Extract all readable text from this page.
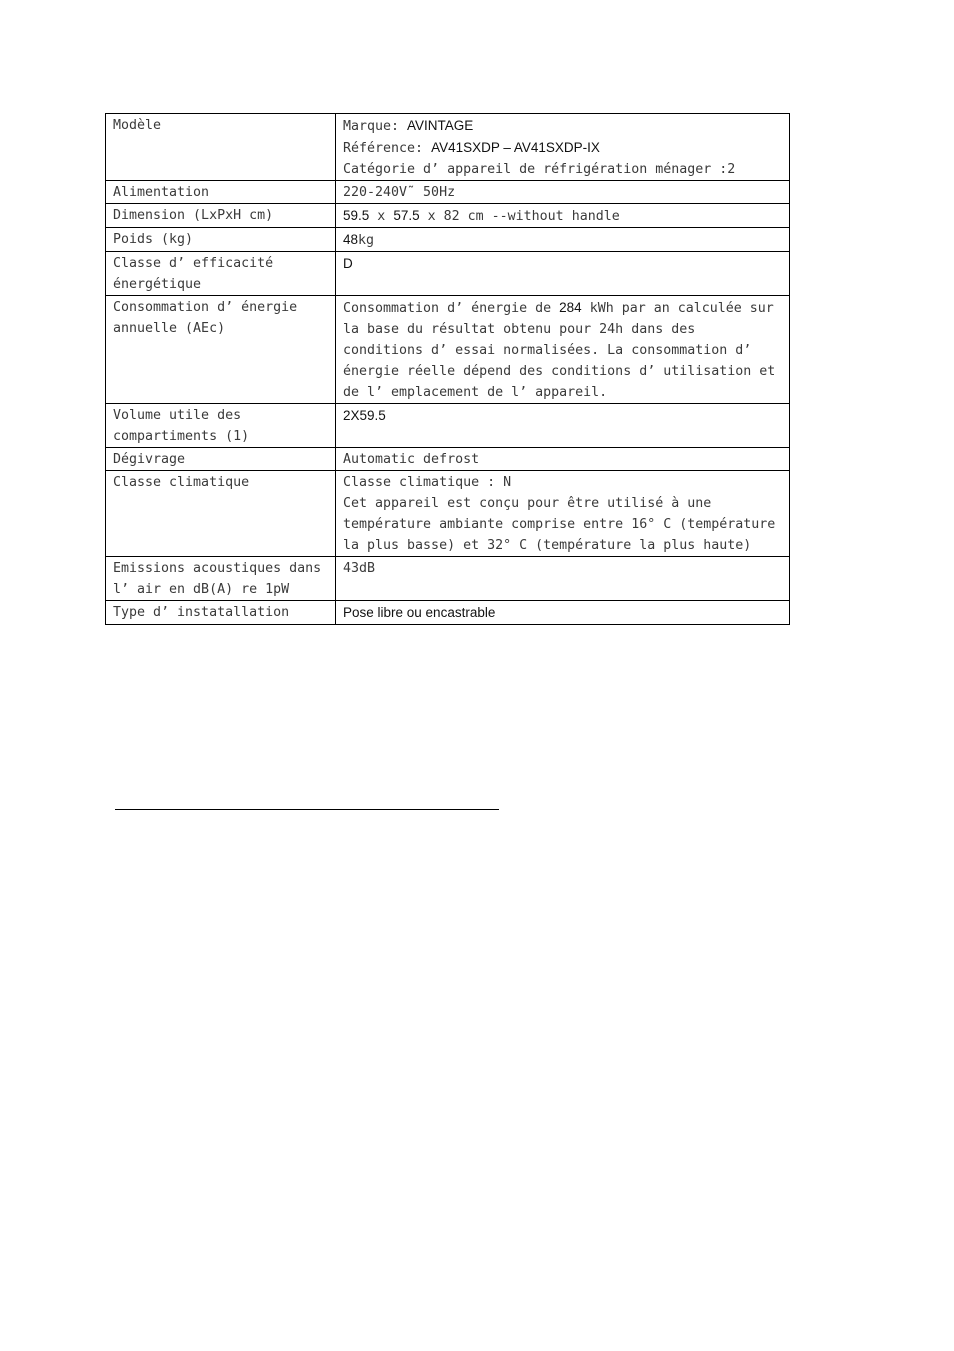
Modèle	Marque: AVINTAGE
Référence: AV41SXDP – AV41SXDP-IX
Catégorie d’ appareil de réfrigération ménager :2

Alimentation	220-240V˜ 50Hz
Dimension (LxPxH cm)	59.5 x 57.5 x 82 cm --without handle

Poids (kg)	48kg

Classe d’ efficacité
énergétique	D

Consommation d’ énergie
annuelle (AEc)	Consommation d’ énergie de 284 kWh par an calculée sur la base du résultat obtenu pour 24h dans des conditions d’ essai normalisées. La consommation d’ énergie réelle dépend des conditions d’ utilisation et de l’ emplacement de l’ appareil.

Volume utile des
compartiments (1)	2X59.5
Dégivrage	Automatic defrost
Classe climatique	Classe climatique : N
Cet appareil est conçu pour être utilisé à une température ambiante comprise entre 16° C (température la plus basse) et 32° C (température la plus haute)

Emissions acoustiques dans
l’ air en dB(A) re 1pW	43dB
Type d’ instatallation	Pose libre ou encastrable
